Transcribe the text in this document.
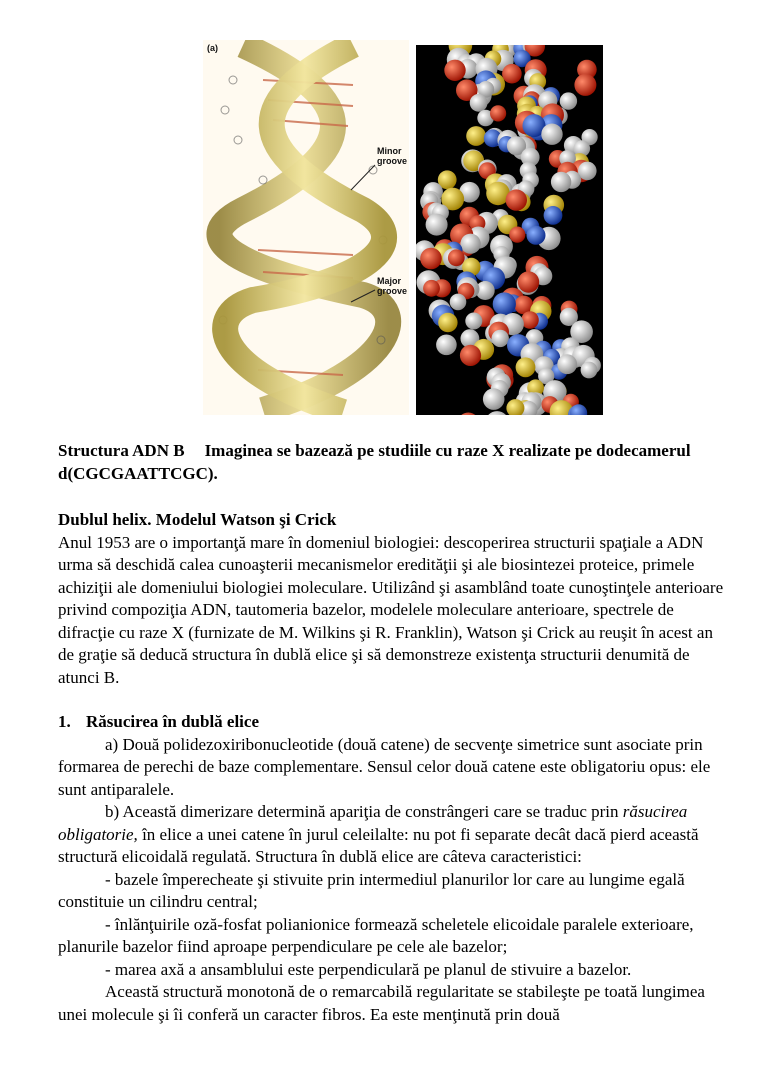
(a)
Minor
groove
Major
groove
Structura ADN B Imaginea se bazează pe studiile cu raze X realizate pe dodecamerul d(CGCGAATTCGC).

Dublul helix. Modelul Watson şi Crick

Anul 1953 are o importanţă mare în domeniul biologiei: descoperirea structurii spaţiale a ADN urma să deschidă calea cunoaşterii mecanismelor eredităţii şi ale biosintezei proteice, primele achiziţii ale domeniului biologiei moleculare. Utilizând şi asamblând toate cunoştinţele anterioare privind compoziţia ADN, tautomeria bazelor, modelele moleculare anterioare, spectrele de difracţie cu raze X (furnizate de M. Wilkins şi R. Franklin), Watson şi Crick au reuşit în acest an de graţie să deducă structura în dublă elice şi să demonstreze existenţa structurii denumită de atunci B.

1. Răsucirea în dublă elice

a) Două polidezoxiribonucleotide (două catene) de secvenţe simetrice sunt asociate prin formarea de perechi de baze complementare. Sensul celor două catene este obligatoriu opus: ele sunt antiparalele.

b) Această dimerizare determină apariţia de constrângeri care se traduc prin răsucirea obligatorie, în elice a unei catene în jurul celeilalte: nu pot fi separate decât dacă pierd această structură elicoidală regulată. Structura în dublă elice are câteva caracteristici:

- bazele împerecheate şi stivuite prin intermediul planurilor lor care au lungime egală constituie un cilindru central;

- înlănţuirile oză-fosfat polianionice formează scheletele elicoidale paralele exterioare, planurile bazelor fiind aproape perpendiculare pe cele ale bazelor;

- marea axă a ansamblului este perpendiculară pe planul de stivuire a bazelor.

Această structură monotonă de o remarcabilă regularitate se stabileşte pe toată lungimea unei molecule şi îi conferă un caracter fibros. Ea este menţinută prin două
